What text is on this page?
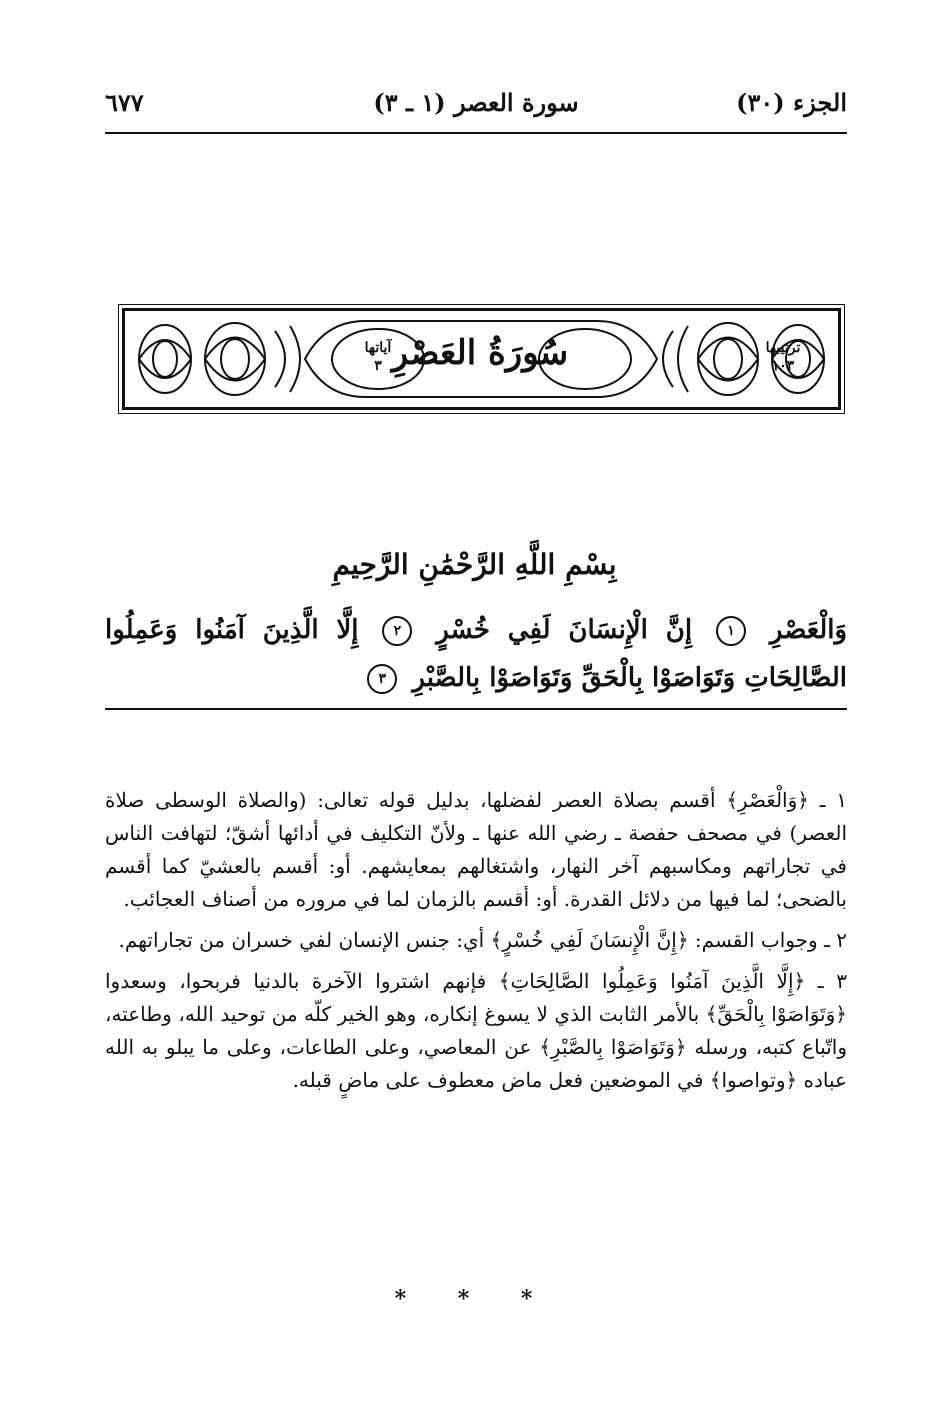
الجزء (٣٠)
سورة العصر (١ ـ ٣)
٦٧٧
آياتها
٣ سُورَةُ العَصْرِ	ترتيبها
١٠٣
بِسْمِ اللَّهِ الرَّحْمَٰنِ الرَّحِيمِ
وَالْعَصْرِ ١ إِنَّ الْإِنسَانَ لَفِي خُسْرٍ ٢ إِلَّا الَّذِينَ آمَنُوا وَعَمِلُوا الصَّالِحَاتِ وَتَوَاصَوْا بِالْحَقِّ وَتَوَاصَوْا بِالصَّبْرِ ٣

١ ـ ﴿وَالْعَصْرِ﴾ أقسم بصلاة العصر لفضلها، بدليل قوله تعالى: (والصلاة الوسطى صلاة العصر) في مصحف حفصة ـ رضي الله عنها ـ ولأنّ التكليف في أدائها أشقّ؛ لتهافت الناس في تجاراتهم ومكاسبهم آخر النهار، واشتغالهم بمعايشهم. أو: أقسم بالعشيّ كما أقسم بالضحى؛ لما فيها من دلائل القدرة. أو: أقسم بالزمان لما في مروره من أصناف العجائب.

٢ ـ وجواب القسم: ﴿إِنَّ الْإِنسَانَ لَفِي خُسْرٍ﴾ أي: جنس الإنسان لفي خسران من تجاراتهم.

٣ ـ ﴿إِلَّا الَّذِينَ آمَنُوا وَعَمِلُوا الصَّالِحَاتِ﴾ فإنهم اشتروا الآخرة بالدنيا فربحوا، وسعدوا ﴿وَتَوَاصَوْا بِالْحَقِّ﴾ بالأمر الثابت الذي لا يسوغ إنكاره، وهو الخير كلّه من توحيد الله، وطاعته، واتّباع كتبه، ورسله ﴿وَتَوَاصَوْا بِالصَّبْرِ﴾ عن المعاصي، وعلى الطاعات، وعلى ما يبلو به الله عباده ﴿وتواصوا﴾ في الموضعين فعل ماض معطوف على ماضٍ قبله.

* * *
